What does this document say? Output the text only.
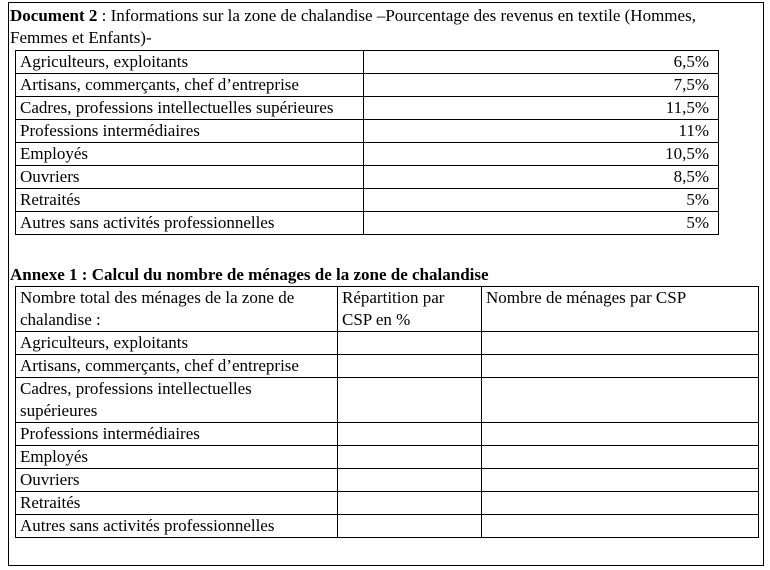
Document 2 : Informations sur la zone de chalandise –Pourcentage des revenus en textile (Hommes, Femmes et Enfants)-
Agriculteurs, exploitants	6,5%
Artisans, commerçants, chef d’entreprise	7,5%
Cadres, professions intellectuelles supérieures	11,5%
Professions intermédiaires	11%
Employés	10,5%
Ouvriers	8,5%
Retraités	5%
Autres sans activités professionnelles	5%
Annexe 1 : Calcul du nombre de ménages de la zone de chalandise
Nombre total des ménages de la zone de chalandise :	Répartition par CSP en %	Nombre de ménages par CSP
Agriculteurs, exploitants		
Artisans, commerçants, chef d’entreprise		
Cadres, professions intellectuelles supérieures		
Professions intermédiaires		
Employés		
Ouvriers		
Retraités		
Autres sans activités professionnelles		
